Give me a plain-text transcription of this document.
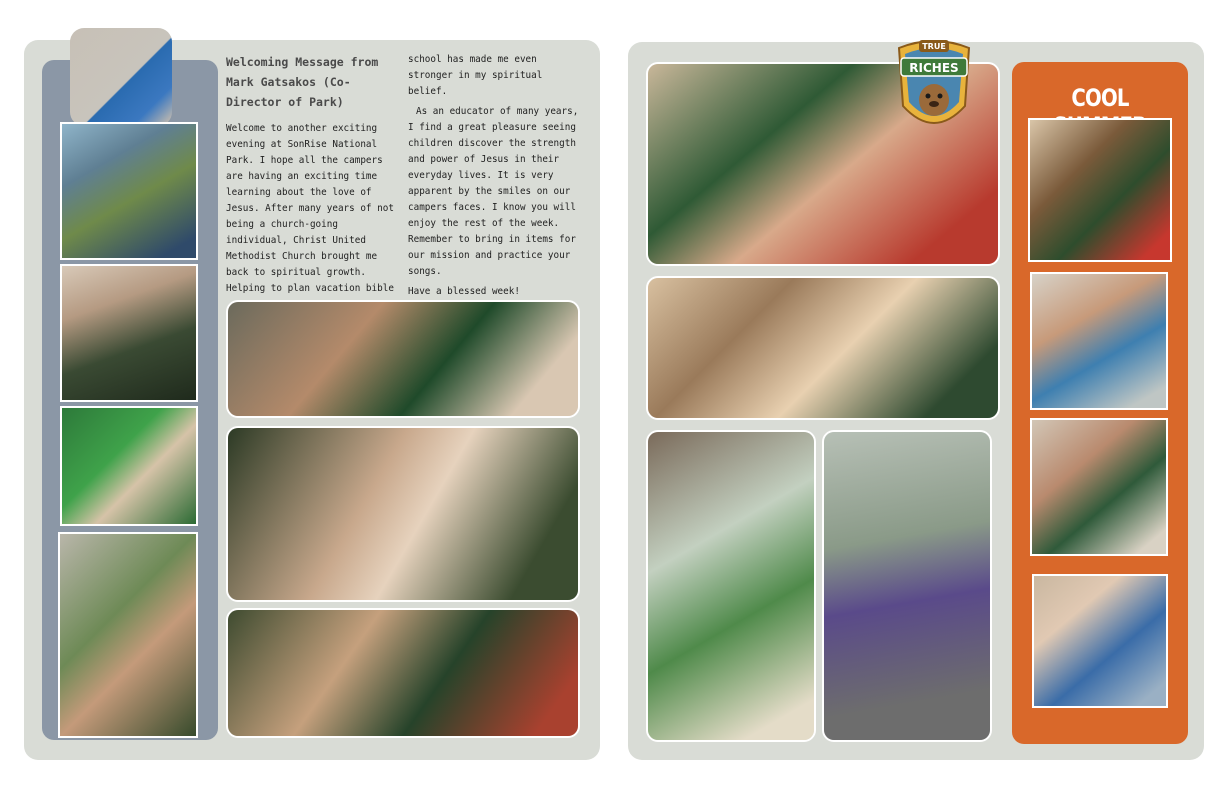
Welcoming Message from Mark Gatsakos (Co-Director of Park)
Welcome to another exciting evening at SonRise National Park. I hope all the campers are having an exciting time learning about the love of Jesus. After many years of not being a church-going individual, Christ United Methodist Church brought me back to spiritual growth. Helping to plan vacation bible

school has made me even stronger in my spiritual belief.

As an educator of many years, I find a great pleasure seeing children discover the strength and power of Jesus in their everyday lives. It is very apparent by the smiles on our campers faces. I know you will enjoy the rest of the week. Remember to bring in items for our mission and practice your songs.

Have a blessed week!

TRUE
RICHES
COOL
